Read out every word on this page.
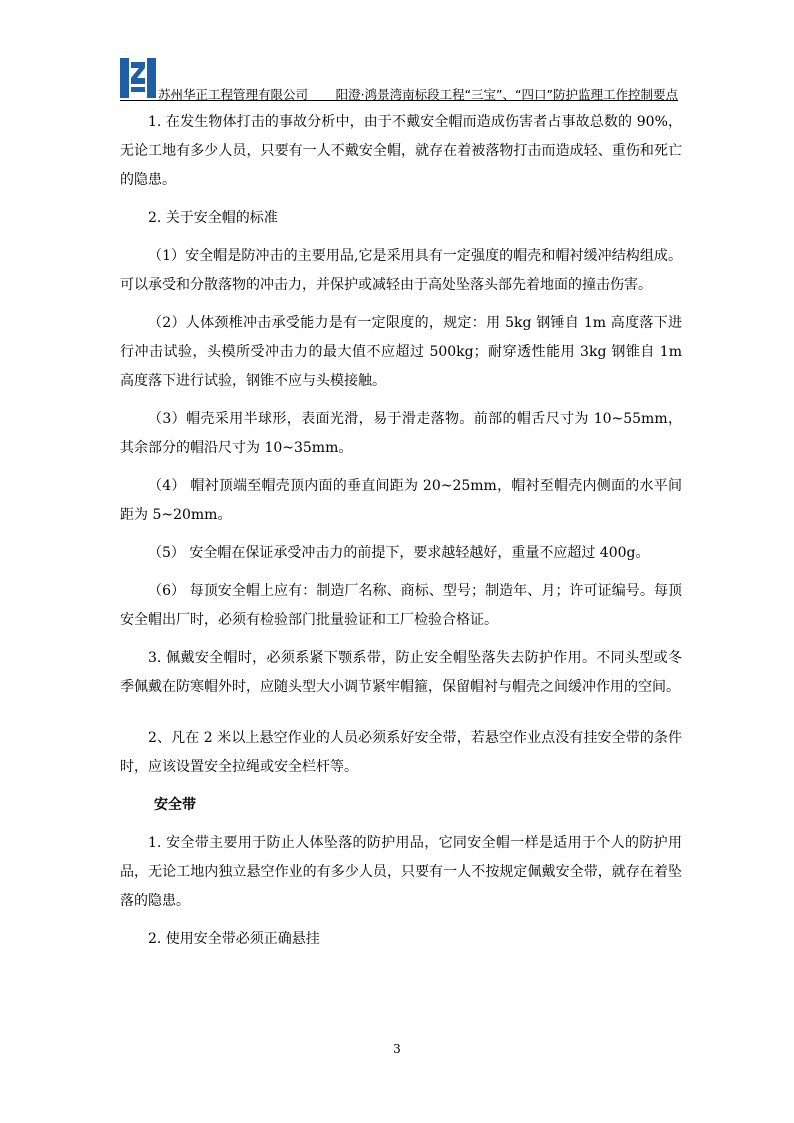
苏州华正工程管理有限公司 阳澄·鸿景湾南标段工程“三宝”、“四口”防护监理工作控制要点

1. 在发生物体打击的事故分析中，由于不戴安全帽而造成伤害者占事故总数的 90%，无论工地有多少人员，只要有一人不戴安全帽，就存在着被落物打击而造成轻、重伤和死亡的隐患。

2. 关于安全帽的标准

（1）安全帽是防冲击的主要用品,它是采用具有一定强度的帽壳和帽衬缓冲结构组成。可以承受和分散落物的冲击力，并保护或减轻由于高处坠落头部先着地面的撞击伤害。

（2）人体颈椎冲击承受能力是有一定限度的，规定：用 5kg 钢锤自 1m 高度落下进行冲击试验，头模所受冲击力的最大值不应超过 500kg；耐穿透性能用 3kg 钢锥自 1m 高度落下进行试验，钢锥不应与头模接触。

（3）帽壳采用半球形，表面光滑，易于滑走落物。前部的帽舌尺寸为 10~55mm，其余部分的帽沿尺寸为 10~35mm。

（4） 帽衬顶端至帽壳顶内面的垂直间距为 20~25mm，帽衬至帽壳内侧面的水平间距为 5~20mm。

（5） 安全帽在保证承受冲击力的前提下，要求越轻越好，重量不应超过 400g。

（6） 每顶安全帽上应有：制造厂名称、商标、型号；制造年、月；许可证编号。每顶安全帽出厂时，必须有检验部门批量验证和工厂检验合格证。

3. 佩戴安全帽时，必须系紧下颚系带，防止安全帽坠落失去防护作用。不同头型或冬季佩戴在防寒帽外时，应随头型大小调节紧牢帽箍，保留帽衬与帽壳之间缓冲作用的空间。

2、凡在 2 米以上悬空作业的人员必须系好安全带，若悬空作业点没有挂安全带的条件时，应该设置安全拉绳或安全栏杆等。

安全带

1. 安全带主要用于防止人体坠落的防护用品，它同安全帽一样是适用于个人的防护用品，无论工地内独立悬空作业的有多少人员，只要有一人不按规定佩戴安全带，就存在着坠落的隐患。

2. 使用安全带必须正确悬挂

3
